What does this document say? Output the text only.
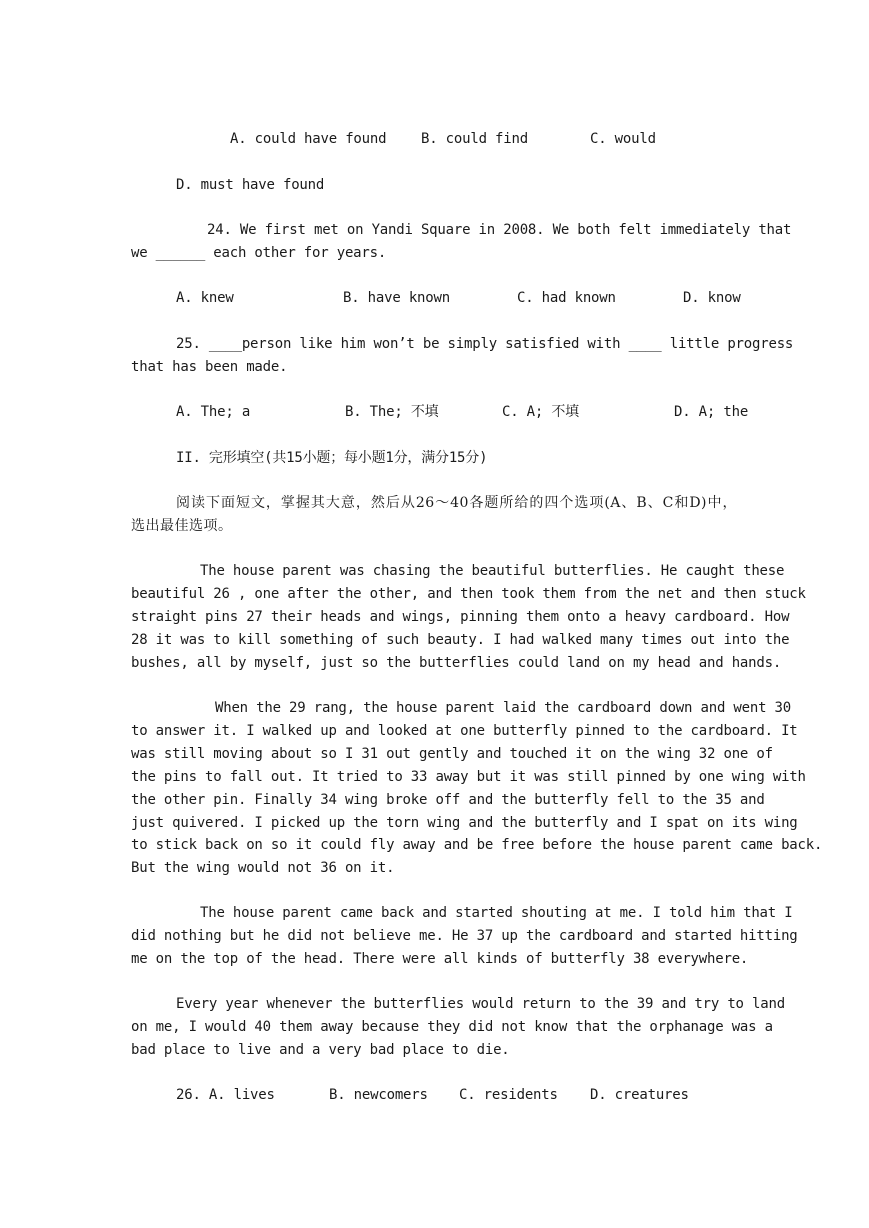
A. could have found B. could find	C. would
D. must have found
24. We first met on Yandi Square in 2008. We both felt immediately that
we ______ each other for years.
A. knew	B. have known	C. had known	D. know
25. ____person like him won’t be simply satisfied with ____ little progress
that has been made.
A. The; a	B. The; 不填	C. A; 不填	D. A; the
II. 完形填空(共15小题；每小题1分，满分15分)
阅读下面短文，掌握其大意，然后从26～40各题所给的四个选项(A、B、C和D)中，
选出最佳选项。
The house parent was chasing the beautiful butterflies. He caught these
beautiful 26 , one after the other, and then took them from the net and then stuck
straight pins 27 their heads and wings, pinning them onto a heavy cardboard. How
28 it was to kill something of such beauty. I had walked many times out into the
bushes, all by myself, just so the butterflies could land on my head and hands.
When the 29 rang, the house parent laid the cardboard down and went 30
to answer it. I walked up and looked at one butterfly pinned to the cardboard. It
was still moving about so I 31 out gently and touched it on the wing 32 one of
the pins to fall out. It tried to 33 away but it was still pinned by one wing with
the other pin. Finally 34 wing broke off and the butterfly fell to the 35 and
just quivered. I picked up the torn wing and the butterfly and I spat on its wing
to stick back on so it could fly away and be free before the house parent came back.
But the wing would not 36 on it.
The house parent came back and started shouting at me. I told him that I
did nothing but he did not believe me. He 37 up the cardboard and started hitting
me on the top of the head. There were all kinds of butterfly 38 everywhere.
Every year whenever the butterflies would return to the 39 and try to land
on me, I would 40 them away because they did not know that the orphanage was a
bad place to live and a very bad place to die.
26. A. lives	B. newcomers C. residents D. creatures
